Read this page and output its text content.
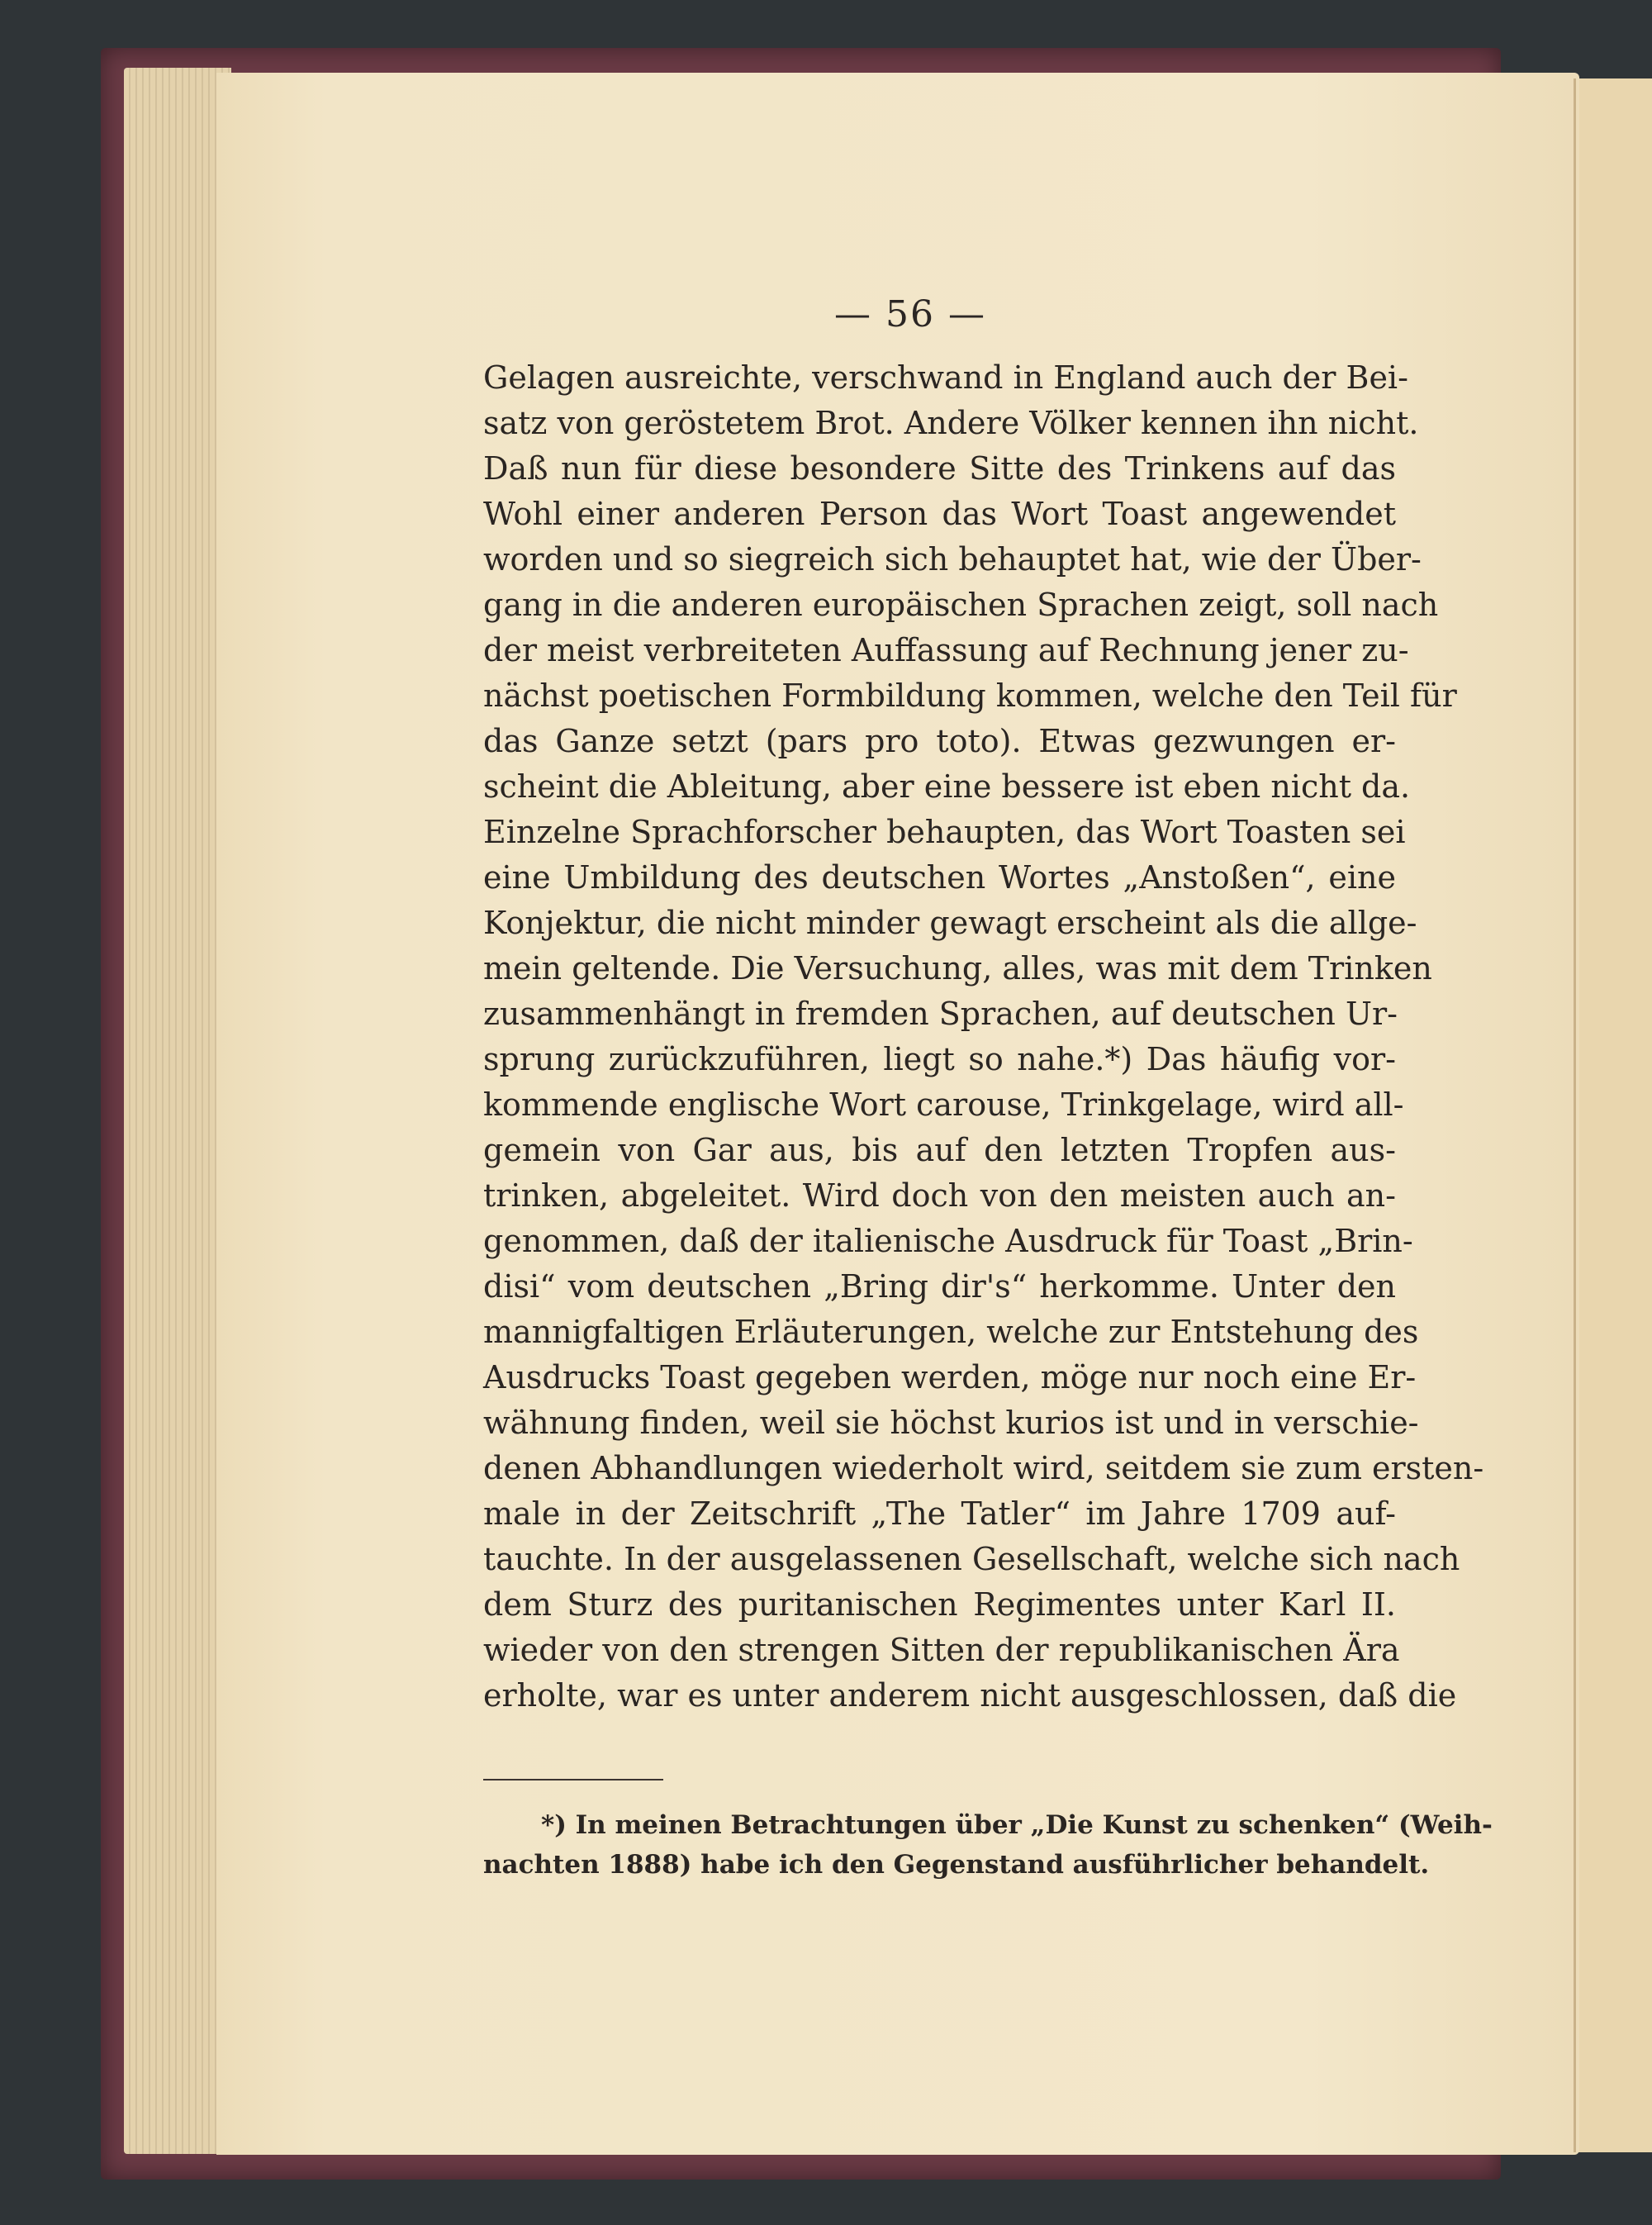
— 56 —
Gelagen ausreichte, verschwand in England auch der Bei-
satz von geröstetem Brot. Andere Völker kennen ihn nicht.
Daß nun für diese besondere Sitte des Trinkens auf das
Wohl einer anderen Person das Wort Toast angewendet
worden und so siegreich sich behauptet hat, wie der Über-
gang in die anderen europäischen Sprachen zeigt, soll nach
der meist verbreiteten Auffassung auf Rechnung jener zu-
nächst poetischen Formbildung kommen, welche den Teil für
das Ganze setzt (pars pro toto). Etwas gezwungen er-
scheint die Ableitung, aber eine bessere ist eben nicht da.
Einzelne Sprachforscher behaupten, das Wort Toasten sei
eine Umbildung des deutschen Wortes „Anstoßen“, eine
Konjektur, die nicht minder gewagt erscheint als die allge-
mein geltende. Die Versuchung, alles, was mit dem Trinken
zusammenhängt in fremden Sprachen, auf deutschen Ur-
sprung zurückzuführen, liegt so nahe.*) Das häufig vor-
kommende englische Wort carouse, Trinkgelage, wird all-
gemein von Gar aus, bis auf den letzten Tropfen aus-
trinken, abgeleitet. Wird doch von den meisten auch an-
genommen, daß der italienische Ausdruck für Toast „Brin-
disi“ vom deutschen „Bring dir's“ herkomme. Unter den
mannigfaltigen Erläuterungen, welche zur Entstehung des
Ausdrucks Toast gegeben werden, möge nur noch eine Er-
wähnung finden, weil sie höchst kurios ist und in verschie-
denen Abhandlungen wiederholt wird, seitdem sie zum ersten-
male in der Zeitschrift „The Tatler“ im Jahre 1709 auf-
tauchte. In der ausgelassenen Gesellschaft, welche sich nach
dem Sturz des puritanischen Regimentes unter Karl II.
wieder von den strengen Sitten der republikanischen Ära
erholte, war es unter anderem nicht ausgeschlossen, daß die
*) In meinen Betrachtungen über „Die Kunst zu schenken“ (Weih-
nachten 1888) habe ich den Gegenstand ausführlicher behandelt.
